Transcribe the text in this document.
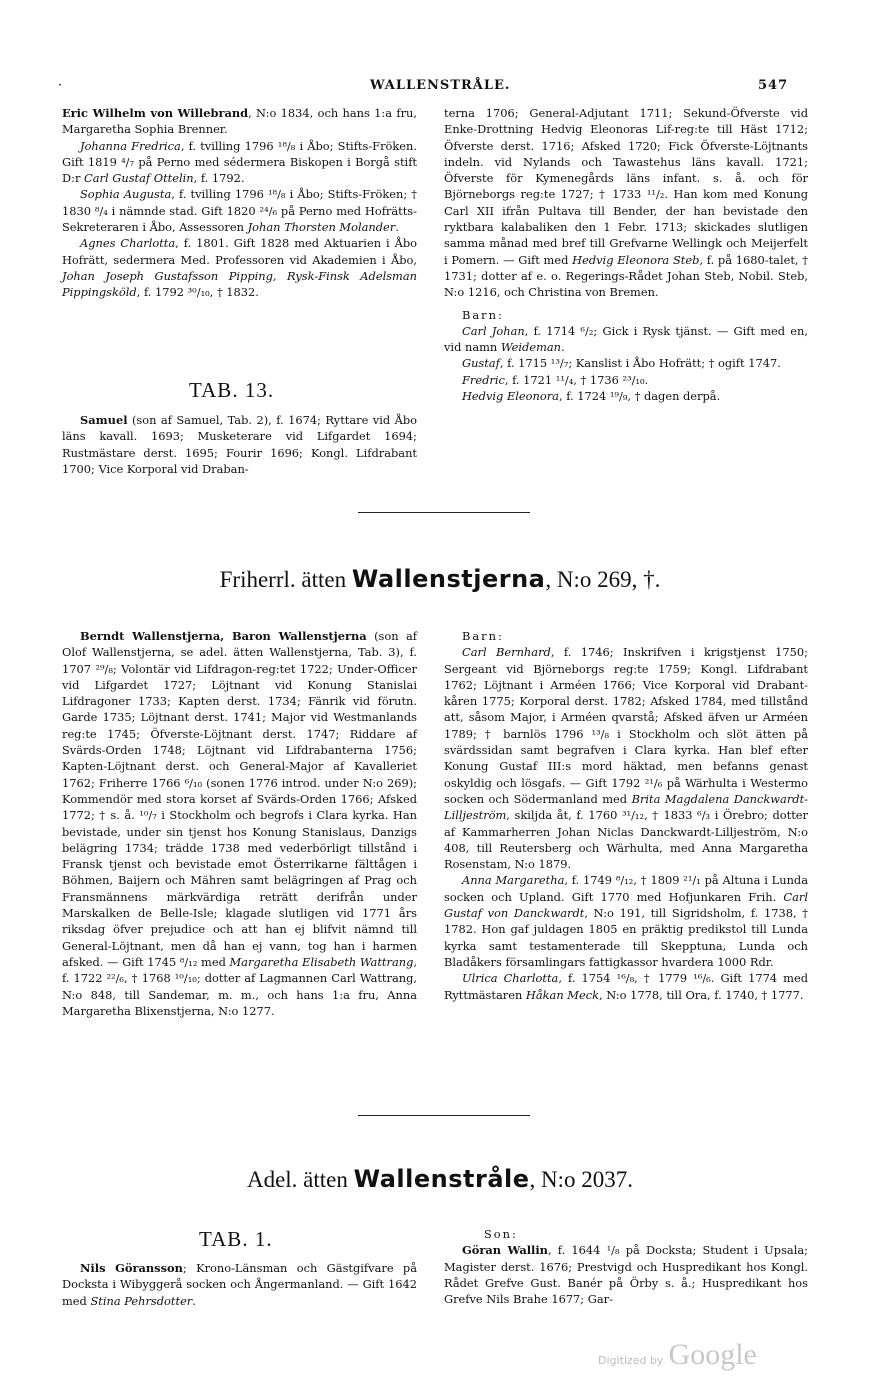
·	WALLENSTRÅLE.	547

Eric Wilhelm von Willebrand, N:o 1834, och hans 1:a fru, Margaretha Sophia Brenner.

Johanna Fredrica, f. tvilling 1796 ¹⁸/₈ i Åbo; Stifts-Fröken. Gift 1819 ⁴/₇ på Perno med sédermera Biskopen i Borgå stift D:r Carl Gustaf Ottelin, f. 1792.

Sophia Augusta, f. tvilling 1796 ¹⁸/₈ i Åbo; Stifts-Fröken; † 1830 ⁸/₄ i nämnde stad. Gift 1820 ²⁴/₆ på Perno med Hofrätts-Sekreteraren i Åbo, Assessoren Johan Thorsten Molander.

Agnes Charlotta, f. 1801. Gift 1828 med Aktuarien i Åbo Hofrätt, sedermera Med. Professoren vid Akademien i Åbo, Johan Joseph Gustafsson Pipping, Rysk-Finsk Adelsman Pippingsköld, f. 1792 ³⁰/₁₀, † 1832.

TAB. 13.

Samuel (son af Samuel, Tab. 2), f. 1674; Ryttare vid Åbo läns kavall. 1693; Musketerare vid Lifgardet 1694; Rustmästare derst. 1695; Fourir 1696; Kongl. Lifdrabant 1700; Vice Korporal vid Draban-

terna 1706; General-Adjutant 1711; Sekund-Öfverste vid Enke-Drottning Hedvig Eleonoras Lif-reg:te till Häst 1712; Öfverste derst. 1716; Afsked 1720; Fick Öfverste-Löjtnants indeln. vid Nylands och Tawastehus läns kavall. 1721; Öfverste för Kymenegårds läns infant. s. å. och för Björneborgs reg:te 1727; † 1733 ¹¹/₂. Han kom med Konung Carl XII ifrån Pultava till Bender, der han bevistade den ryktbara kalabaliken den 1 Febr. 1713; skickades slutligen samma månad med bref till Grefvarne Wellingk och Meijerfelt i Pomern. — Gift med Hedvig Eleonora Steb, f. på 1680-talet, † 1731; dotter af e. o. Regerings-Rådet Johan Steb, Nobil. Steb, N:o 1216, och Christina von Bremen.

Barn:

Carl Johan, f. 1714 ⁶/₂; Gick i Rysk tjänst. — Gift med en, vid namn Weideman.

Gustaf, f. 1715 ¹³/₇; Kanslist i Åbo Hofrätt; † ogift 1747.

Fredric, f. 1721 ¹¹/₄, † 1736 ²³/₁₀.

Hedvig Eleonora, f. 1724 ¹⁹/₉, † dagen derpå.

Friherrl. ätten Wallenstjerna, N:o 269, †.

Berndt Wallenstjerna, Baron Wallenstjerna (son af Olof Wallenstjerna, se adel. ätten Wallenstjerna, Tab. 3), f. 1707 ²⁹/₈; Volontär vid Lifdragon-reg:tet 1722; Under-Officer vid Lifgardet 1727; Löjtnant vid Konung Stanislai Lifdragoner 1733; Kapten derst. 1734; Fänrik vid förutn. Garde 1735; Löjtnant derst. 1741; Major vid Westmanlands reg:te 1745; Öfverste-Löjtnant derst. 1747; Riddare af Svärds-Orden 1748; Löjtnant vid Lifdrabanterna 1756; Kapten-Löjtnant derst. och General-Major af Kavalleriet 1762; Friherre 1766 ⁶/₁₀ (sonen 1776 introd. under N:o 269); Kommendör med stora korset af Svärds-Orden 1766; Afsked 1772; † s. å. ¹⁰/₇ i Stockholm och begrofs i Clara kyrka. Han bevistade, under sin tjenst hos Konung Stanislaus, Danzigs belägring 1734; trädde 1738 med vederbörligt tillstånd i Fransk tjenst och bevistade emot Österrikarne fälttågen i Böhmen, Baijern och Mähren samt belägringen af Prag och Fransmännens märkvärdiga reträtt derifrån under Marskalken de Belle-Isle; klagade slutligen vid 1771 års riksdag öfver prejudice och att han ej blifvit nämnd till General-Löjtnant, men då han ej vann, tog han i harmen afsked. — Gift 1745 ⁸/₁₂ med Margaretha Elisabeth Wattrang, f. 1722 ²²/₆, † 1768 ¹⁰/₁₀; dotter af Lagmannen Carl Wattrang, N:o 848, till Sandemar, m. m., och hans 1:a fru, Anna Margaretha Blixenstjerna, N:o 1277.

Barn:

Carl Bernhard, f. 1746; Inskrifven i krigstjenst 1750; Sergeant vid Björneborgs reg:te 1759; Kongl. Lifdrabant 1762; Löjtnant i Arméen 1766; Vice Korporal vid Drabant-kåren 1775; Korporal derst. 1782; Afsked 1784, med tillstånd att, såsom Major, i Arméen qvarstå; Afsked äfven ur Arméen 1789; † barnlös 1796 ¹³/₈ i Stockholm och slöt ätten på svärdssidan samt begrafven i Clara kyrka. Han blef efter Konung Gustaf III:s mord häktad, men befanns genast oskyldig och lösgafs. — Gift 1792 ²¹/₆ på Wärhulta i Westermo socken och Södermanland med Brita Magdalena Danckwardt-Lilljeström, skiljda åt, f. 1760 ³¹/₁₂, † 1833 ⁶/₃ i Örebro; dotter af Kammarherren Johan Niclas Danckwardt-Lilljeström, N:o 408, till Reutersberg och Wärhulta, med Anna Margaretha Rosenstam, N:o 1879.

Anna Margaretha, f. 1749 ⁸/₁₂, † 1809 ²¹/₁ på Altuna i Lunda socken och Upland. Gift 1770 med Hofjunkaren Frih. Carl Gustaf von Danckwardt, N:o 191, till Sigridsholm, f. 1738, † 1782. Hon gaf juldagen 1805 en präktig predikstol till Lunda kyrka samt testamenterade till Skepptuna, Lunda och Bladåkers församlingars fattigkassor hvardera 1000 Rdr.

Ulrica Charlotta, f. 1754 ¹⁶/₈, † 1779 ¹⁶/₆. Gift 1774 med Ryttmästaren Håkan Meck, N:o 1778, till Ora, f. 1740, † 1777.

Adel. ätten Wallenstråle, N:o 2037.
TAB. 1.

Nils Göransson; Krono-Länsman och Gästgifvare på Docksta i Wibyggerå socken och Ångermanland. — Gift 1642 med Stina Pehrsdotter.

Son:

Göran Wallin, f. 1644 ¹/₈ på Docksta; Student i Upsala; Magister derst. 1676; Prestvigd och Huspredikant hos Kongl. Rådet Grefve Gust. Banér på Örby s. å.; Huspredikant hos Grefve Nils Brahe 1677; Gar-

Digitized by Google
